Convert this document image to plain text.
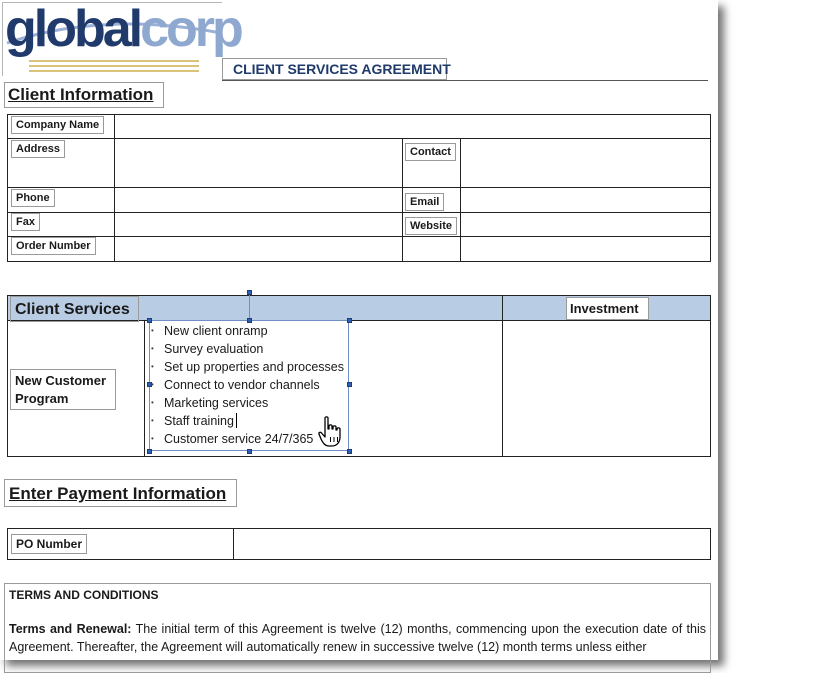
globalcorp
CLIENT SERVICES AGREEMENT
Client Information
Company Name
Address	Contact
Phone	Email
Fax	Website
Order Number
Client Services	Investment
New Customer Program
• New client onramp
• Survey evaluation
• Set up properties and processes
• Connect to vendor channels
• Marketing services
• Staff training
• Customer service 24/7/365
Enter Payment Information
PO Number
TERMS AND CONDITIONS
Terms and Renewal: The initial term of this Agreement is twelve (12) months, commencing upon the execution date of this Agreement. Thereafter, the Agreement will automatically renew in successive twelve (12) month terms unless either
